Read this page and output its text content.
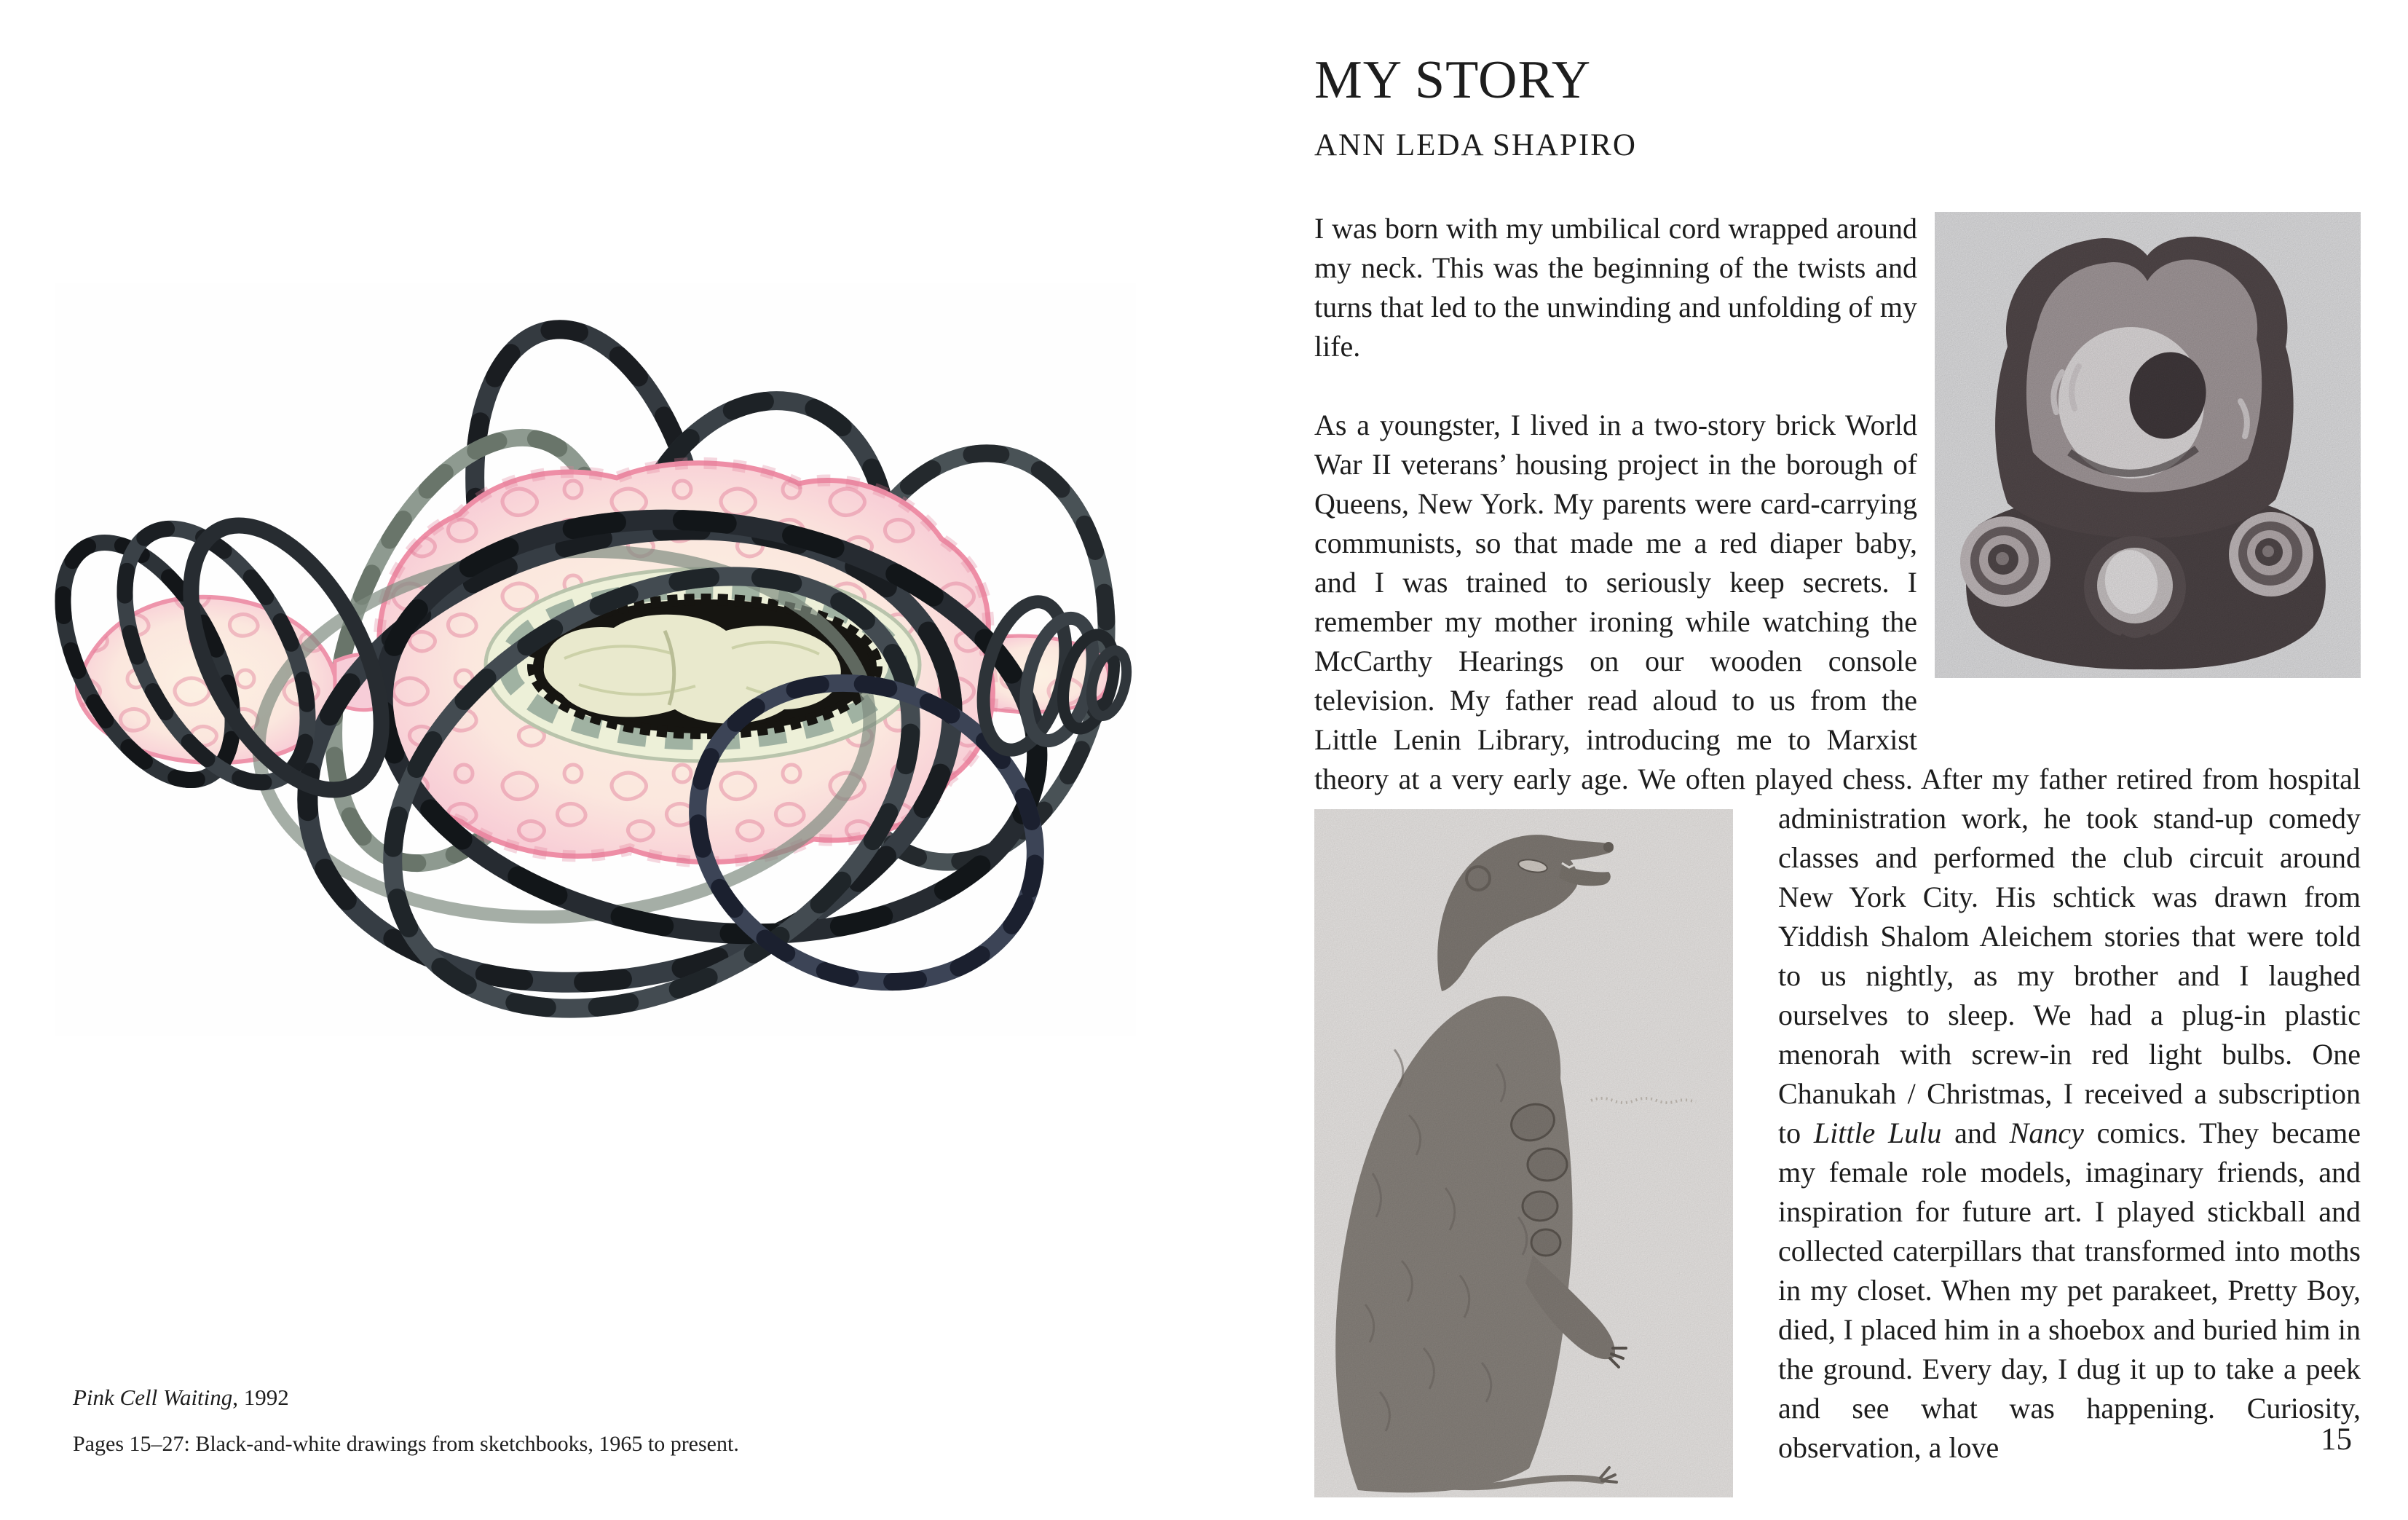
Pink Cell Waiting, 1992

Pages 15–27: Black-and-white drawings from sketchbooks, 1965 to present.

MY STORY
ANN LEDA SHAPIRO

I was born with my umbilical cord wrapped around my neck. This was the beginning of the twists and turns that led to the unwinding and unfolding of my life.

As a youngster, I lived in a two-story brick World War II veterans’ housing project in the borough of Queens, New York. My parents were card-carrying communists, so that made me a red diaper baby, and I was trained to seriously keep secrets. I remember my mother ironing while watching the McCarthy Hearings on our wooden console television. My father read aloud to us from the Little Lenin Library, introducing me to Marxist theory at a very early age. We often played chess. After my father retired from
hospital administration work, he took stand-up comedy classes and performed the club circuit around New York City. His schtick was drawn from Yiddish Shalom Aleichem stories that were told to us nightly, as my brother and I laughed ourselves to sleep. We had a plug-in plastic menorah with screw-in red light bulbs. One Chanukah / Christmas, I received a subscription to Little Lulu and Nancy comics. They became my female role models, imaginary friends, and inspiration for future art. I played stickball and collected caterpillars that transformed into moths in my closet. When my pet parakeet, Pretty Boy, died, I placed him in a shoebox and buried him in the ground. Every day, I dug it up to take a peek and see what was happening. Curiosity, observation, a love	15
